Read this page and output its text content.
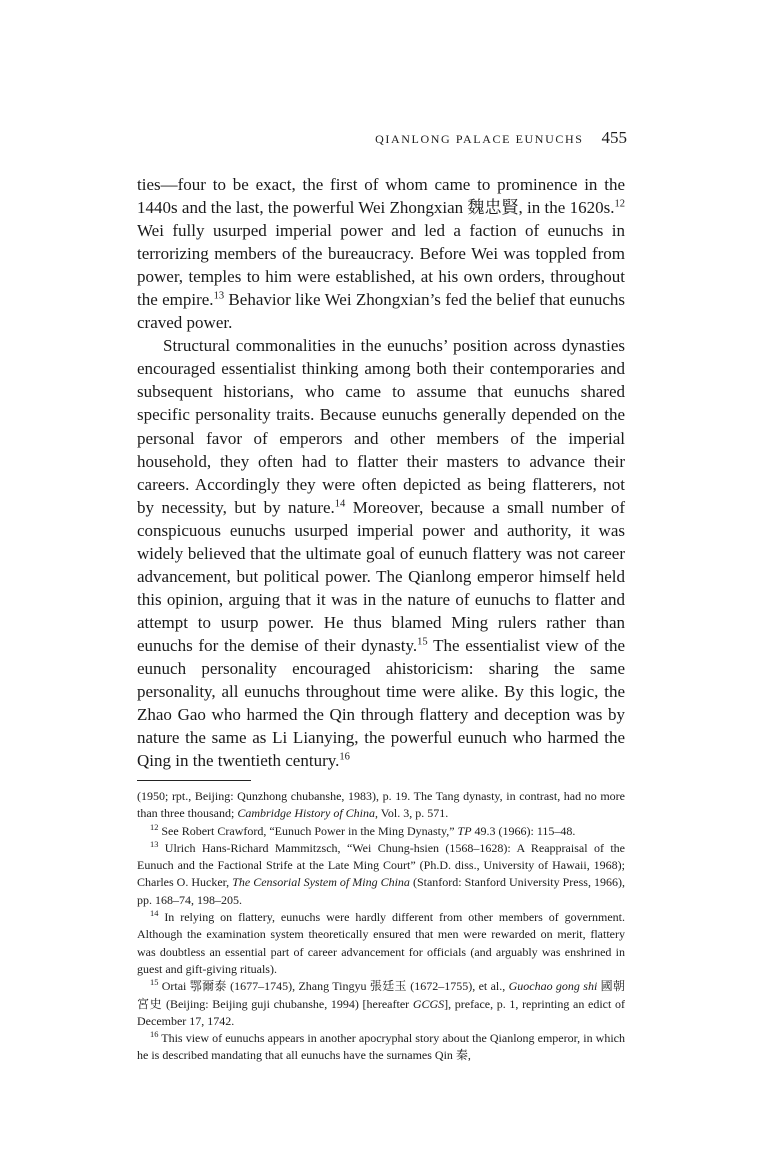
QIANLONG PALACE EUNUCHS 455

ties—four to be exact, the first of whom came to prominence in the 1440s and the last, the powerful Wei Zhongxian 魏忠賢, in the 1620s.$^{12}$ Wei fully usurped imperial power and led a faction of eunuchs in terrorizing members of the bureaucracy. Before Wei was toppled from power, temples to him were established, at his own orders, throughout the empire.$^{13}$ Behavior like Wei Zhongxian’s fed the belief that eunuchs craved power.

Structural commonalities in the eunuchs’ position across dynasties encouraged essentialist thinking among both their contemporaries and subsequent historians, who came to assume that eunuchs shared specific personality traits. Because eunuchs generally depended on the personal favor of emperors and other members of the imperial household, they often had to flatter their masters to advance their careers. Accordingly they were often depicted as being flatterers, not by necessity, but by nature.$^{14}$ Moreover, because a small number of conspicuous eunuchs usurped imperial power and authority, it was widely believed that the ultimate goal of eunuch flattery was not career advancement, but political power. The Qianlong emperor himself held this opinion, arguing that it was in the nature of eunuchs to flatter and attempt to usurp power. He thus blamed Ming rulers rather than eunuchs for the demise of their dynasty.$^{15}$ The essentialist view of the eunuch personality encouraged ahistoricism: sharing the same personality, all eunuchs throughout time were alike. By this logic, the Zhao Gao who harmed the Qin through flattery and deception was by nature the same as Li Lianying, the powerful eunuch who harmed the Qing in the twentieth century.$^{16}$

(1950; rpt., Beijing: Qunzhong chubanshe, 1983), p. 19. The Tang dynasty, in contrast, had no more than three thousand; Cambridge History of China, Vol. 3, p. 571.

$^{12}$ See Robert Crawford, “Eunuch Power in the Ming Dynasty,” TP 49.3 (1966): 115–48.

$^{13}$ Ulrich Hans-Richard Mammitzsch, “Wei Chung-hsien (1568–1628): A Reappraisal of the Eunuch and the Factional Strife at the Late Ming Court” (Ph.D. diss., University of Hawaii, 1968); Charles O. Hucker, The Censorial System of Ming China (Stanford: Stanford University Press, 1966), pp. 168–74, 198–205.

$^{14}$ In relying on flattery, eunuchs were hardly different from other members of government. Although the examination system theoretically ensured that men were rewarded on merit, flattery was doubtless an essential part of career advancement for officials (and arguably was enshrined in guest and gift-giving rituals).

$^{15}$ Ortai 鄂爾泰 (1677–1745), Zhang Tingyu 張廷玉 (1672–1755), et al., Guochao gong shi 國朝宮史 (Beijing: Beijing guji chubanshe, 1994) [hereafter GCGS], preface, p. 1, reprinting an edict of December 17, 1742.

$^{16}$ This view of eunuchs appears in another apocryphal story about the Qianlong emperor, in which he is described mandating that all eunuchs have the surnames Qin 秦,
